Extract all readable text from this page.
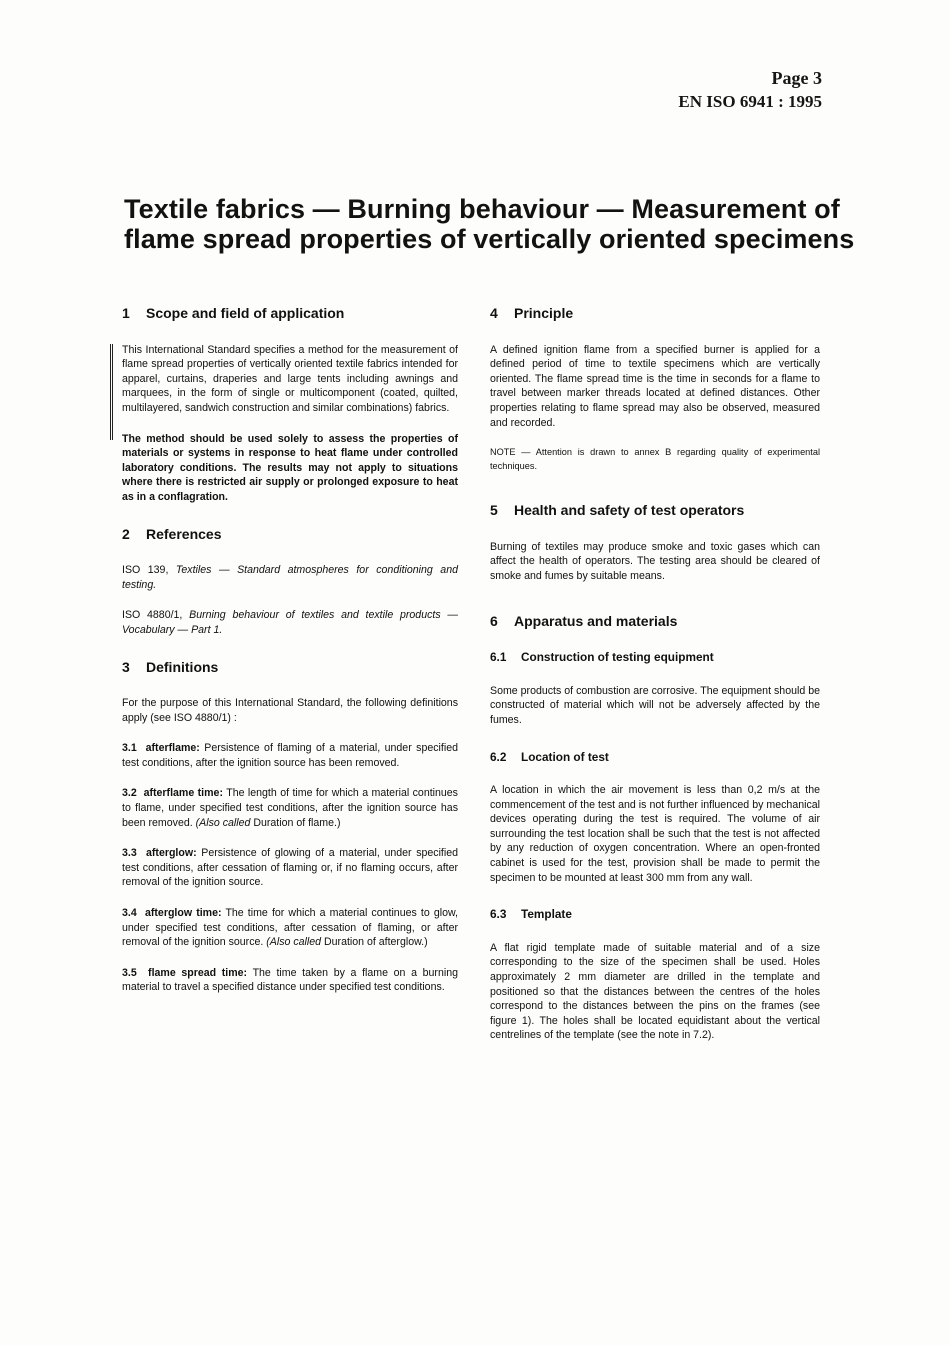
Page 3
EN ISO 6941 : 1995
Textile fabrics — Burning behaviour — Measurement of
flame spread properties of vertically oriented specimens
1 Scope and field of application
This International Standard specifies a method for the measurement of flame spread properties of vertically oriented textile fabrics intended for apparel, curtains, draperies and large tents including awnings and marquees, in the form of single or multicomponent (coated, quilted, multilayered, sandwich construction and similar combinations) fabrics.
The method should be used solely to assess the properties of materials or systems in response to heat flame under controlled laboratory conditions. The results may not apply to situations where there is restricted air supply or prolonged exposure to heat as in a conflagration.
2 References
ISO 139, Textiles — Standard atmospheres for conditioning and testing.
ISO 4880/1, Burning behaviour of textiles and textile products — Vocabulary — Part 1.
3 Definitions
For the purpose of this International Standard, the following definitions apply (see ISO 4880/1) :
3.1 afterflame: Persistence of flaming of a material, under specified test conditions, after the ignition source has been removed.
3.2 afterflame time: The length of time for which a material continues to flame, under specified test conditions, after the ignition source has been removed. (Also called Duration of flame.)
3.3 afterglow: Persistence of glowing of a material, under specified test conditions, after cessation of flaming or, if no flaming occurs, after removal of the ignition source.
3.4 afterglow time: The time for which a material continues to glow, under specified test conditions, after cessation of flaming, or after removal of the ignition source. (Also called Duration of afterglow.)
3.5 flame spread time: The time taken by a flame on a burning material to travel a specified distance under specified test conditions.
4 Principle
A defined ignition flame from a specified burner is applied for a defined period of time to textile specimens which are vertically oriented. The flame spread time is the time in seconds for a flame to travel between marker threads located at defined distances. Other properties relating to flame spread may also be observed, measured and recorded.
NOTE — Attention is drawn to annex B regarding quality of experimental techniques.
5 Health and safety of test operators
Burning of textiles may produce smoke and toxic gases which can affect the health of operators. The testing area should be cleared of smoke and fumes by suitable means.
6 Apparatus and materials
6.1 Construction of testing equipment
Some products of combustion are corrosive. The equipment should be constructed of material which will not be adversely affected by the fumes.
6.2 Location of test
A location in which the air movement is less than 0,2 m/s at the commencement of the test and is not further influenced by mechanical devices operating during the test is required. The volume of air surrounding the test location shall be such that the test is not affected by any reduction of oxygen concentration. Where an open-fronted cabinet is used for the test, provision shall be made to permit the specimen to be mounted at least 300 mm from any wall.
6.3 Template
A flat rigid template made of suitable material and of a size corresponding to the size of the specimen shall be used. Holes approximately 2 mm diameter are drilled in the template and positioned so that the distances between the centres of the holes correspond to the distances between the pins on the frames (see figure 1). The holes shall be located equidistant about the vertical centrelines of the template (see the note in 7.2).
